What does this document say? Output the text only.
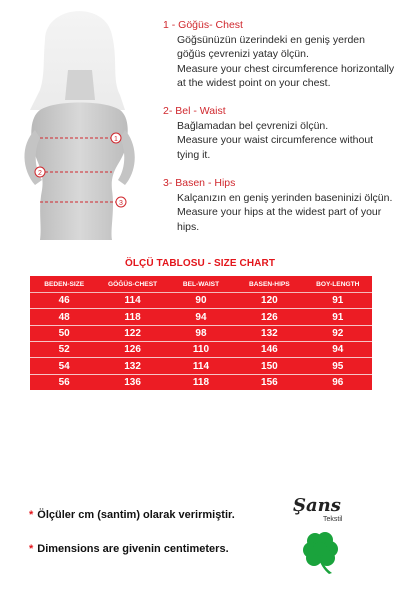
1
2
3

1 - Göğüs- Chest

Göğsünüzün üzerindeki en geniş yerden göğüs çevrenizi yatay ölçün.

Measure your chest circumference horizontally at the widest point on your chest.

2- Bel - Waist

Bağlamadan bel çevrenizi ölçün.

Measure your waist circumference without tying it.

3- Basen - Hips

Kalçanızın en geniş yerinden baseninizi ölçün.

Measure your hips at the widest part of your hips.

ÖLÇÜ TABLOSU - SIZE CHART
BEDEN-SIZE	GÖĞÜS-CHEST	BEL-WAIST	BASEN-HIPS	BOY-LENGTH
46	114	90	120	91
48	118	94	126	91
50	122	98	132	92
52	126	110	146	94
54	132	114	150	95
56	136	118	156	96
* Ölçüler cm (santim) olarak verirmiştir.
* Dimensions are givenin centimeters.
Şans
Tekstil
